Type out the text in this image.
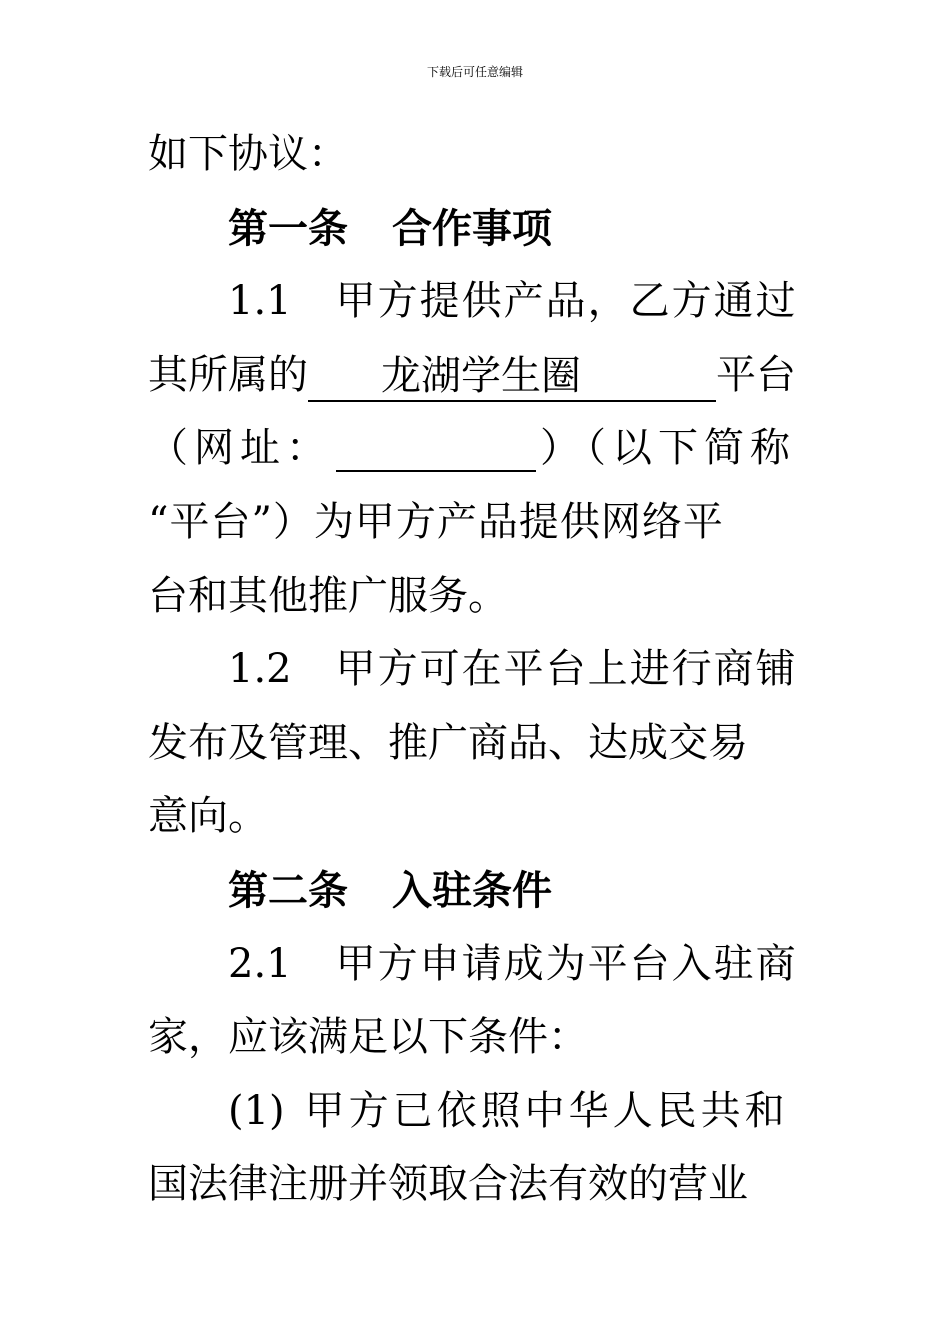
下载后可任意编辑
如下协议：
第一条 合作事项
1.1 甲方提供产品，乙方通过
其所属的	龙湖学生圈	平台
（网址：	）（以下简称
“平台”）为甲方产品提供网络平
台和其他推广服务。
1.2 甲方可在平台上进行商铺
发布及管理、推广商品、达成交易
意向。
第二条 入驻条件
2.1 甲方申请成为平台入驻商
家，应该满足以下条件：
(1) 甲方已依照中华人民共和
国法律注册并领取合法有效的营业
